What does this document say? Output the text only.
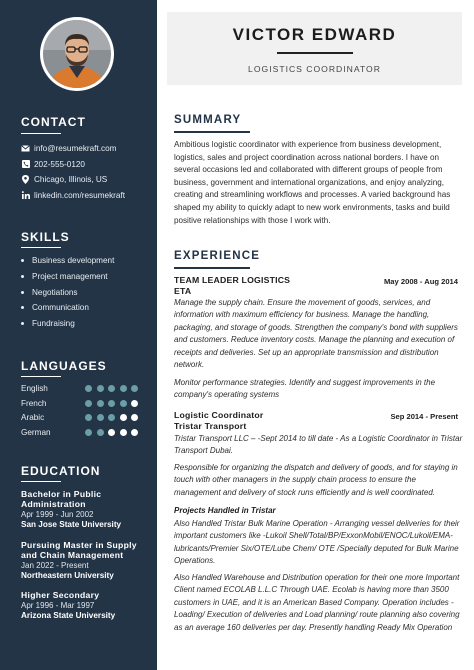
CONTACT
info@resumekraft.com
202-555-0120
Chicago, Illinois, US
linkedin.com/resumekraft
SKILLS
Business development
Project management
Negotiations
Communication
Fundraising
LANGUAGES
English
French
Arabic
German
EDUCATION
Bachelor in Public Administration
Apr 1999 - Jun 2002
San Jose State University
Pursuing Master in Supply and Chain Management
Jan 2022 - Present
Northeastern University
Higher Secondary
Apr 1996 - Mar 1997
Arizona State University
VICTOR EDWARD
LOGISTICS COORDINATOR
SUMMARY
Ambitious logistic coordinator with experience from business development, logistics, sales and project coordination across national borders. I have on several occasions led and collaborated with different groups of people from business, government and international organizations, and enjoy analyzing, creating and streamlining workflows and processes. A varied background has shaped my ability to quickly adapt to new work environments, tasks and build positive relationships with those I work with.
EXPERIENCE
TEAM LEADER LOGISTICS	May 2008 - Aug 2014
ETA
Manage the supply chain. Ensure the movement of goods, services, and information with maximum efficiency for business. Manage the handling, packaging, and storage of goods. Strengthen the company's bond with suppliers and customers. Reduce inventory costs. Manage the planning and execution of receipts and deliveries. Set up an appropriate transmission and distribution network.
Monitor performance strategies. Identify and suggest improvements in the company's operating systems
Logistic Coordinator	Sep 2014 - Present
Tristar Transport
Tristar Transport LLC – -Sept 2014 to till date - As a Logistic Coordinator in Tristar Transport Dubai.
Responsible for organizing the dispatch and delivery of goods, and for staying in touch with other managers in the supply chain process to ensure the management and delivery of stock runs efficiently and is well coordinated.
Projects Handled in Tristar
Also Handled Tristar Bulk Marine Operation - Arranging vessel deliveries for their important customers like -Lukoil Shell/Total/BP/ExxonMobil/ENOC/Lukoil/EMA-lubricants/Premier Six/OTE/Lube Chem/ OTE /Specially deputed for Bulk Marine Operations.
Also Handled Warehouse and Distribution operation for their one more Important Client named ECOLAB L.L.C Through UAE. Ecolab is having more than 3500 customers in UAE, and it is an American Based Company. Operation includes - Loading/ Execution of deliveries and Load planning/ route planning also covering as an average 160 deliveries per day. Presently handling Ready Mix Operation
